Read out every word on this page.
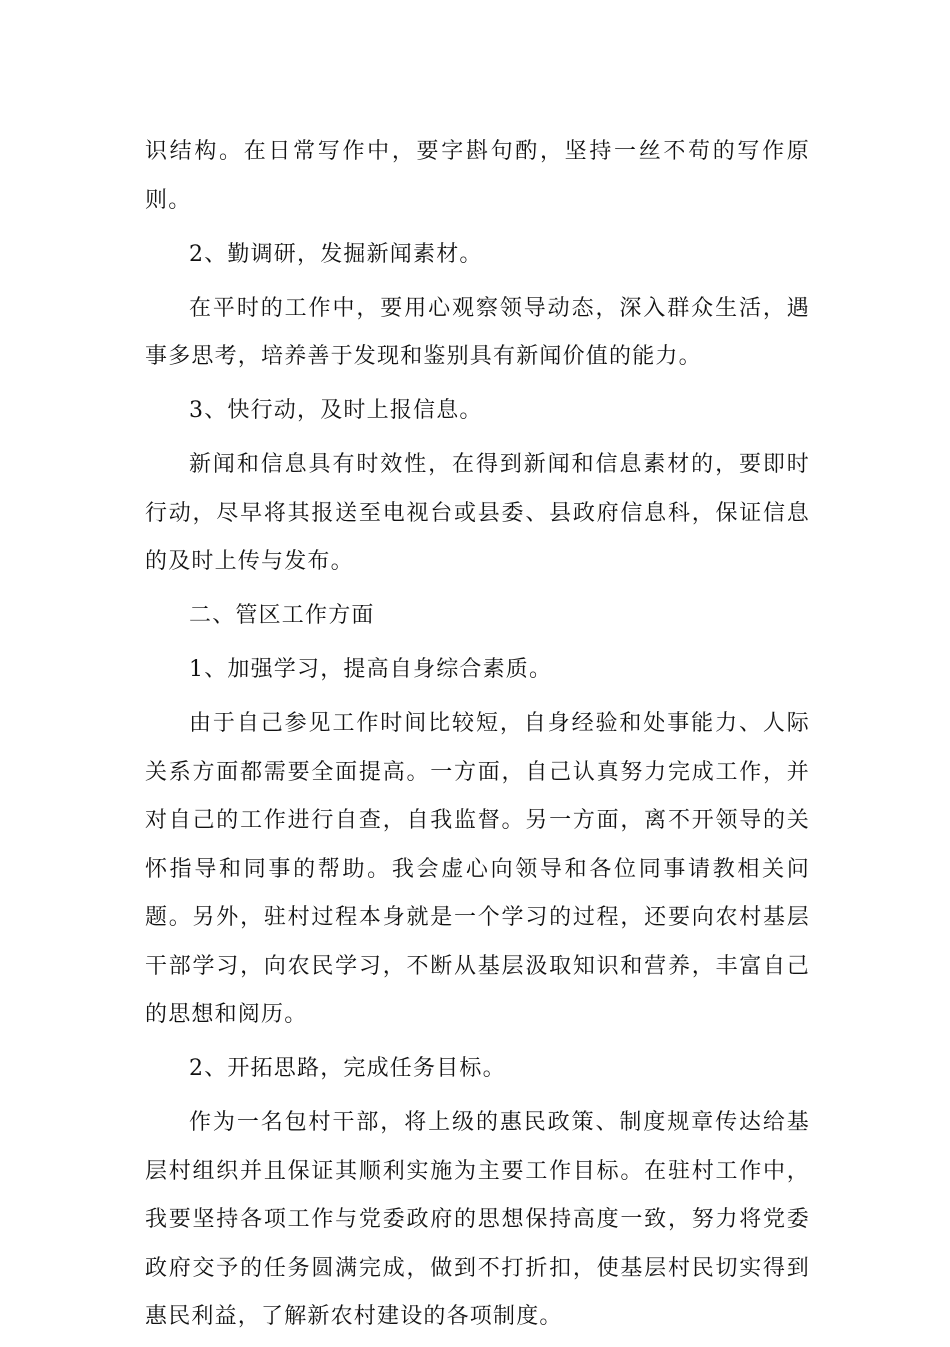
识结构。在日常写作中，要字斟句酌，坚持一丝不苟的写作原则。

2、勤调研，发掘新闻素材。

在平时的工作中，要用心观察领导动态，深入群众生活，遇事多思考，培养善于发现和鉴别具有新闻价值的能力。

3、快行动，及时上报信息。

新闻和信息具有时效性，在得到新闻和信息素材的，要即时行动，尽早将其报送至电视台或县委、县政府信息科，保证信息的及时上传与发布。

二、管区工作方面

1、加强学习，提高自身综合素质。

由于自己参见工作时间比较短，自身经验和处事能力、人际关系方面都需要全面提高。一方面，自己认真努力完成工作，并对自己的工作进行自查，自我监督。另一方面，离不开领导的关怀指导和同事的帮助。我会虚心向领导和各位同事请教相关问题。另外，驻村过程本身就是一个学习的过程，还要向农村基层干部学习，向农民学习，不断从基层汲取知识和营养，丰富自己的思想和阅历。

2、开拓思路，完成任务目标。

作为一名包村干部，将上级的惠民政策、制度规章传达给基层村组织并且保证其顺利实施为主要工作目标。在驻村工作中，我要坚持各项工作与党委政府的思想保持高度一致，努力将党委政府交予的任务圆满完成，做到不打折扣，使基层村民切实得到惠民利益，了解新农村建设的各项制度。
